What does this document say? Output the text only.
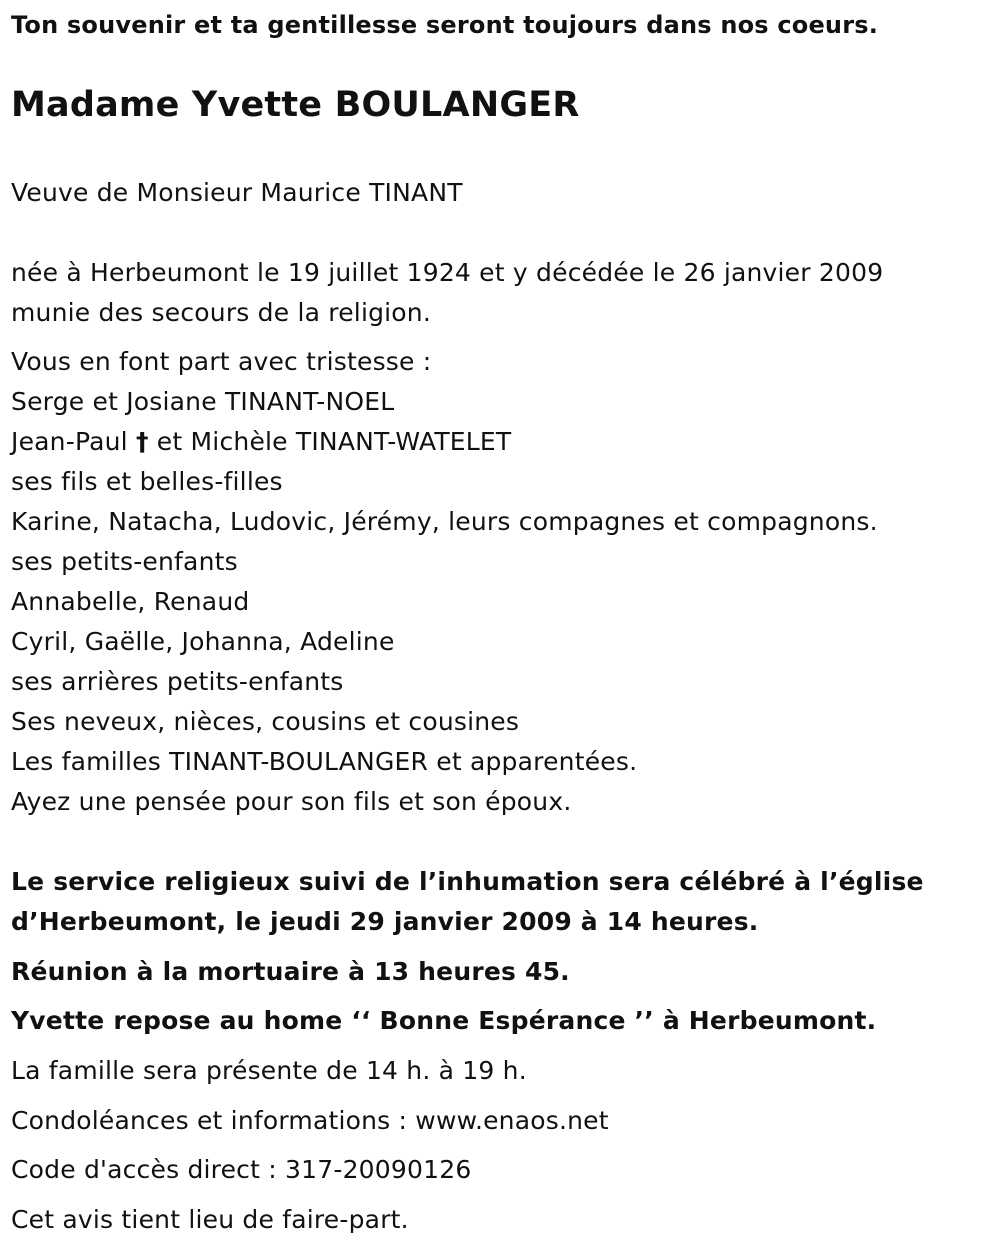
Ton souvenir et ta gentillesse seront toujours dans nos coeurs.
Madame Yvette BOULANGER
Veuve de Monsieur Maurice TINANT
née à Herbeumont le 19 juillet 1924 et y décédée le 26 janvier 2009
munie des secours de la religion.
Vous en font part avec tristesse :
Serge et Josiane TINANT-NOEL
Jean-Paul † et Michèle TINANT-WATELET
ses fils et belles-filles
Karine, Natacha, Ludovic, Jérémy, leurs compagnes et compagnons.
ses petits-enfants
Annabelle, Renaud
Cyril, Gaëlle, Johanna, Adeline
ses arrières petits-enfants
Ses neveux, nièces, cousins et cousines
Les familles TINANT-BOULANGER et apparentées.
Ayez une pensée pour son fils et son époux.
Le service religieux suivi de l’inhumation sera célébré à l’église
d’Herbeumont, le jeudi 29 janvier 2009 à 14 heures.
Réunion à la mortuaire à 13 heures 45.
Yvette repose au home ‘‘ Bonne Espérance ’’ à Herbeumont.
La famille sera présente de 14 h. à 19 h.
Condoléances et informations : www.enaos.net
Code d'accès direct : 317-20090126
Cet avis tient lieu de faire-part.
